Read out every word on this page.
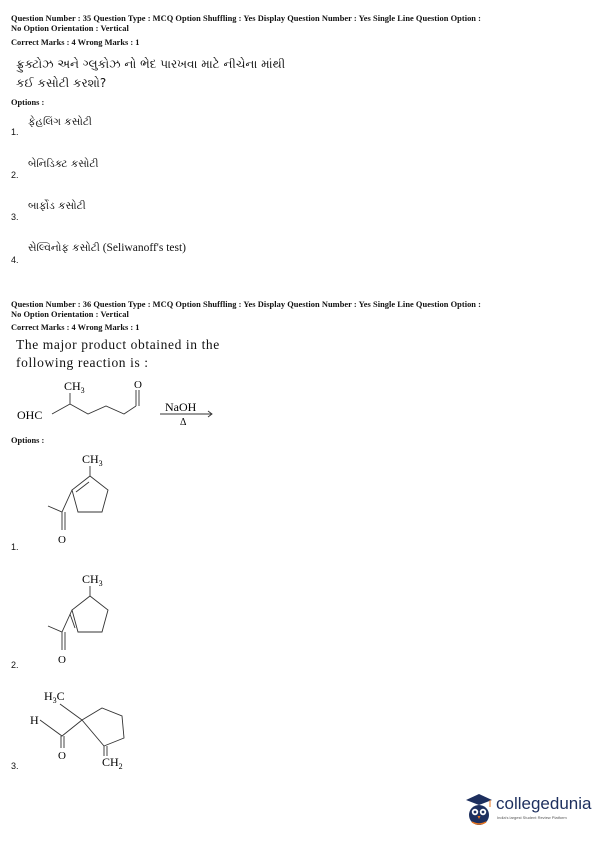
Question Number : 35 Question Type : MCQ Option Shuffling : Yes Display Question Number : Yes Single Line Question Option :
No Option Orientation : Vertical
Correct Marks : 4 Wrong Marks : 1
ફ્રુક્ટોઝ અને ગ્લુકોઝ નો ભેદ પારખવા માટે નીચેના માંથી
કઈ કસોટી કરશો?
Options :
1.
ફેહલિંગ કસોટી
2.
બેનિડિક્ટ કસોટી
3.
બાર્ફોડ કસોટી
4.
સેલ્વિનોફ કસોટી (Seliwanoff's test)
Question Number : 36 Question Type : MCQ Option Shuffling : Yes Display Question Number : Yes Single Line Question Option :
No Option Orientation : Vertical
Correct Marks : 4 Wrong Marks : 1
The major product obtained in the
following reaction is :
$CH_3$	O
OHC
NaOH
Δ
Options :
$CH_3$
O
1.
$CH_3$
O
2.
$H_3C$
H
O	$CH_2$
3.
collegedunia
India's largest Student Review Platform
